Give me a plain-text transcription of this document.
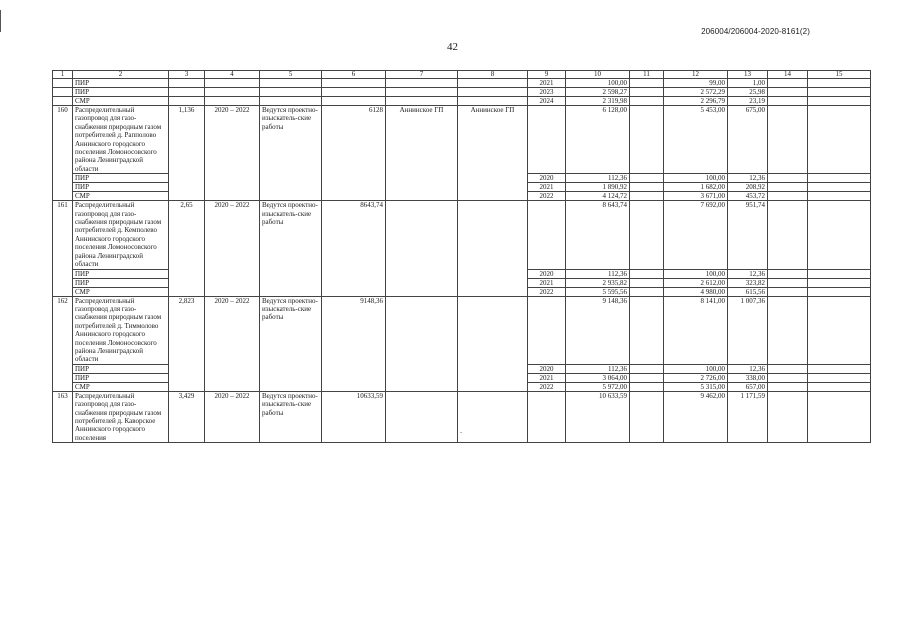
206004/206004-2020-8161(2)
42
-
1	2	3	4	5	6	7	8	9	10	11	12	13	14	15
	ПИР							2021	100,00		99,00	1,00		
	ПИР							2023	2 598,27		2 572,29	25,98		
	СМР							2024	2 319,98		2 296,79	23,19		
160	Распределительный газопровод для газо-снабжения природным газом потребителей д. Рапполово Аннинского городского поселения Ломоносовского района Ленинградской области	1,136	2020 – 2022	Ведутся проектно-изыскатель-ские работы	6128	Аннинское ГП	Аннинское ГП		6 128,00		5 453,00	675,00		
	ПИР							2020	112,36		100,00	12,36		
	ПИР							2021	1 890,92		1 682,00	208,92		
	СМР							2022	4 124,72		3 671,00	453,72		
161	Распределительный газопровод для газо-снабжения природным газом потребителей д. Кемполево Аннинского городского поселения Ломоносовского района Ленинградской области	2,65	2020 – 2022	Ведутся проектно-изыскатель-ские работы	8643,74				8 643,74		7 692,00	951,74		
	ПИР							2020	112,36		100,00	12,36		
	ПИР							2021	2 935,82		2 612,00	323,82		
	СМР							2022	5 595,56		4 980,00	615,56		
162	Распределительный газопровод для газо-снабжения природным газом потребителей д. Тиммолово Аннинского городского поселения Ломоносовского района Ленинградской области	2,823	2020 – 2022	Ведутся проектно-изыскатель-ские работы	9148,36				9 148,36		8 141,00	1 007,36		
	ПИР							2020	112,36		100,00	12,36		
	ПИР							2021	3 064,00		2 726,00	338,00		
	СМР							2022	5 972,00		5 315,00	657,00		
163	Распределительный газопровод для газо-снабжения природным газом потребителей д. Каворское Аннинского городского поселения	3,429	2020 – 2022	Ведутся проектно-изыскатель-ские работы	10633,59				10 633,59		9 462,00	1 171,59		
